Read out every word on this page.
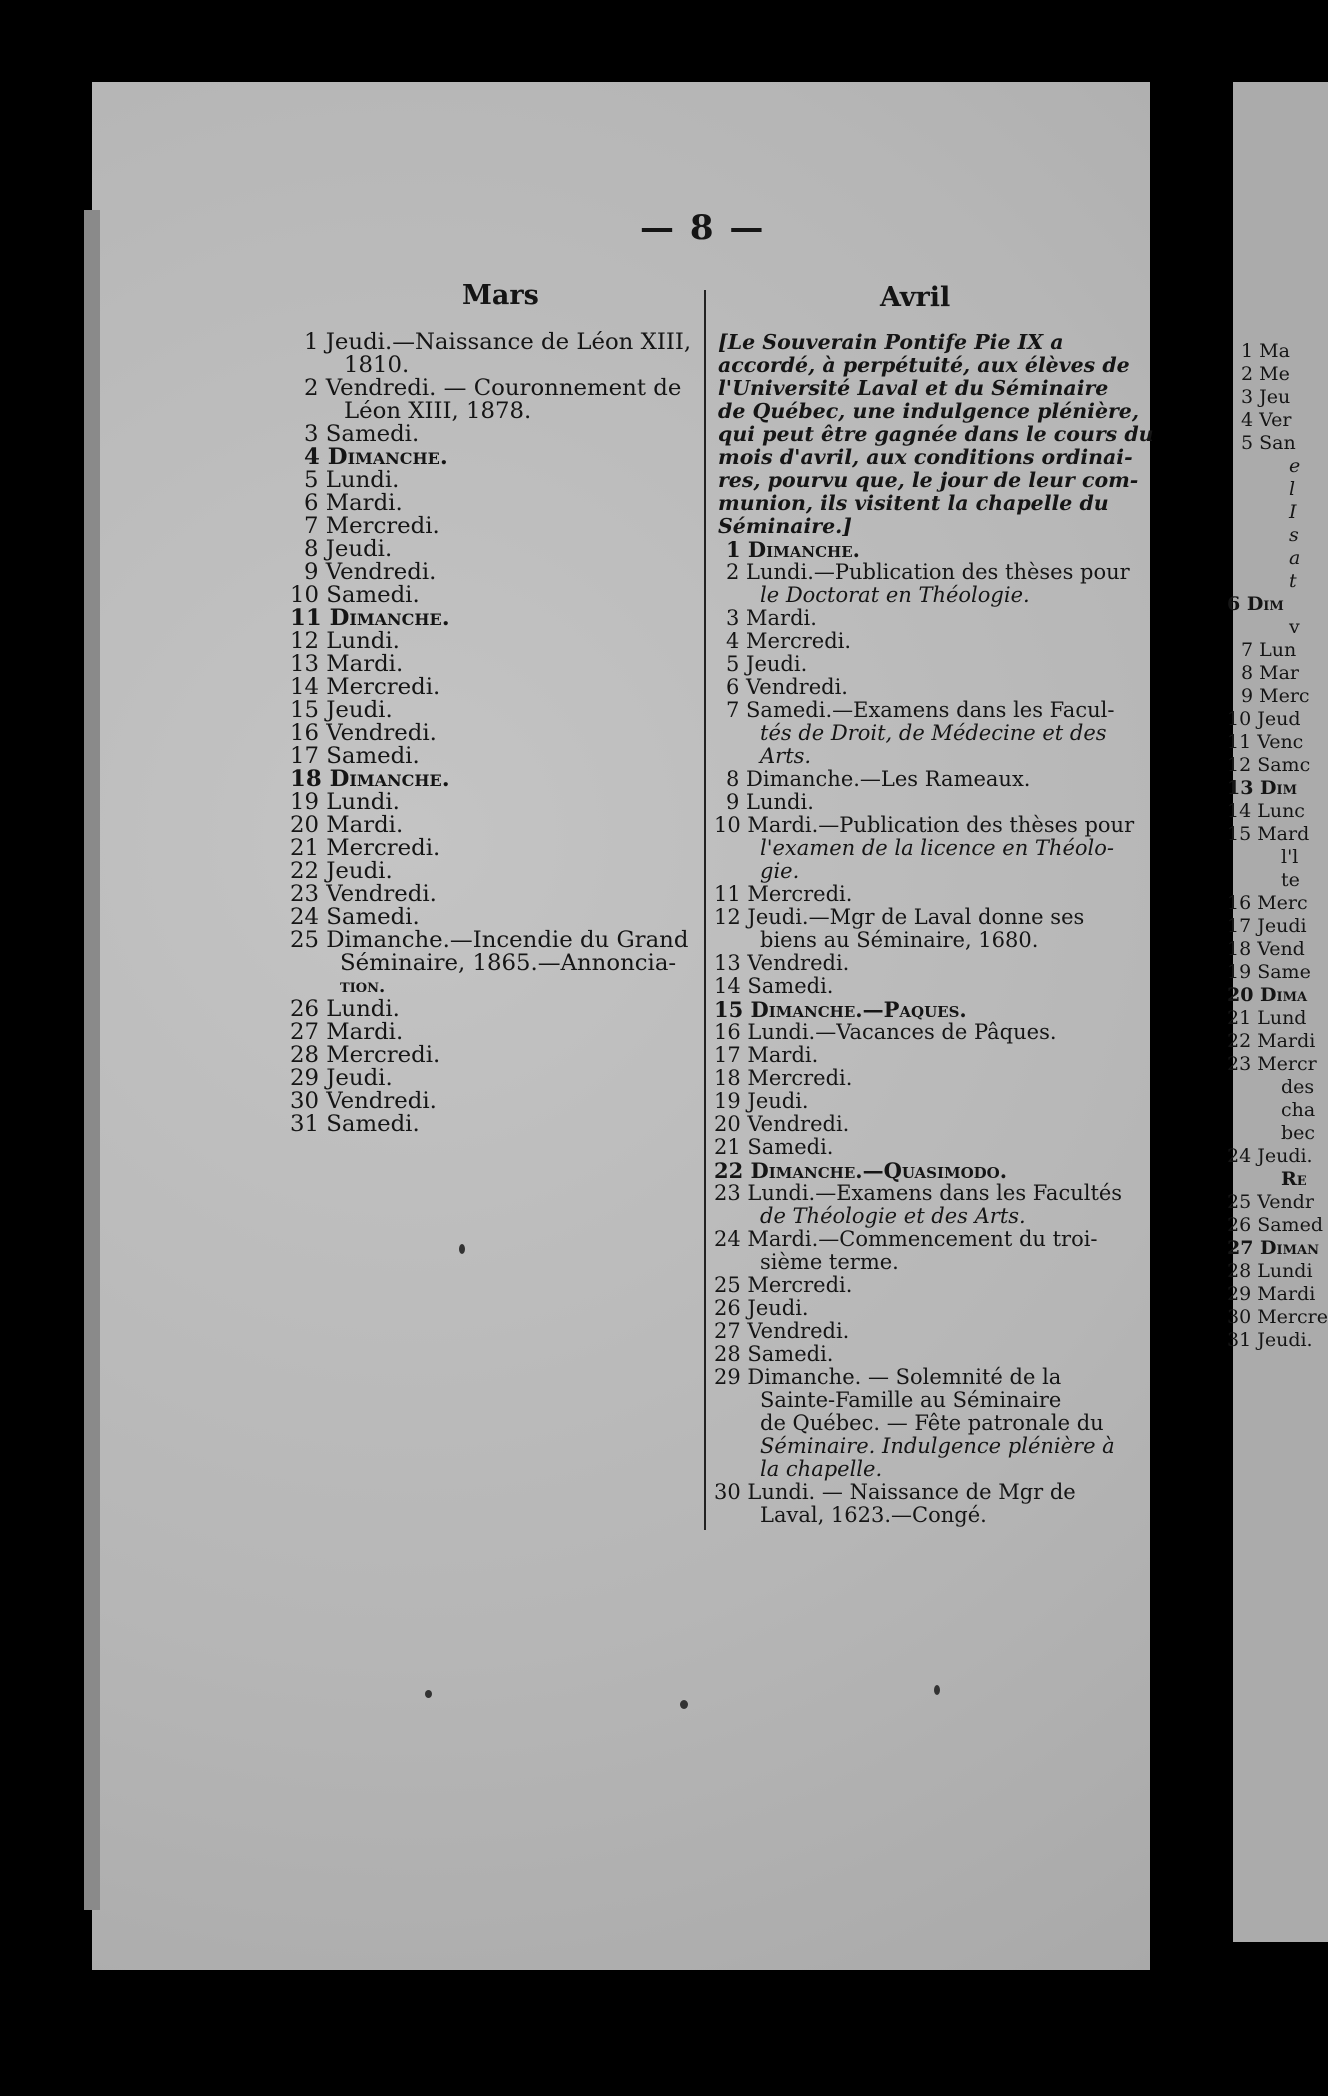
— 8 —
Mars
1 Jeudi.—Naissance de Léon XIII,
1810.
2 Vendredi. — Couronnement de
Léon XIII, 1878.
3 Samedi.
4 Dimanche.
5 Lundi.
6 Mardi.
7 Mercredi.
8 Jeudi.
9 Vendredi.
10 Samedi.
11 Dimanche.
12 Lundi.
13 Mardi.
14 Mercredi.
15 Jeudi.
16 Vendredi.
17 Samedi.
18 Dimanche.
19 Lundi.
20 Mardi.
21 Mercredi.
22 Jeudi.
23 Vendredi.
24 Samedi.
25 Dimanche.—Incendie du Grand
Séminaire, 1865.—Annoncia-
tion.
26 Lundi.
27 Mardi.
28 Mercredi.
29 Jeudi.
30 Vendredi.
31 Samedi.
Avril
[Le Souverain Pontife Pie IX a
accordé, à perpétuité, aux élèves de
l'Université Laval et du Séminaire
de Québec, une indulgence plénière,
qui peut être gagnée dans le cours du
mois d'avril, aux conditions ordinai-
res, pourvu que, le jour de leur com-
munion, ils visitent la chapelle du
Séminaire.]
1 Dimanche.
2 Lundi.—Publication des thèses pour
le Doctorat en Théologie.
3 Mardi.
4 Mercredi.
5 Jeudi.
6 Vendredi.
7 Samedi.—Examens dans les Facul-
tés de Droit, de Médecine et des
Arts.
8 Dimanche.—Les Rameaux.
9 Lundi.
10 Mardi.—Publication des thèses pour
l'examen de la licence en Théolo-
gie.
11 Mercredi.
12 Jeudi.—Mgr de Laval donne ses
biens au Séminaire, 1680.
13 Vendredi.
14 Samedi.
15 Dimanche.—Paques.
16 Lundi.—Vacances de Pâques.
17 Mardi.
18 Mercredi.
19 Jeudi.
20 Vendredi.
21 Samedi.
22 Dimanche.—Quasimodo.
23 Lundi.—Examens dans les Facultés
de Théologie et des Arts.
24 Mardi.—Commencement du troi-
sième terme.
25 Mercredi.
26 Jeudi.
27 Vendredi.
28 Samedi.
29 Dimanche. — Solemnité de la
Sainte-Famille au Séminaire
de Québec. — Fête patronale du
Séminaire. Indulgence plénière à
la chapelle.
30 Lundi. — Naissance de Mgr de
Laval, 1623.—Congé.
1 Ma
2 Me
3 Jeu
4 Ver
5 San
e
l
I
s
a
t
6 Dim
v
7 Lun
8 Mar
9 Merc
10 Jeud
11 Venc
12 Samc
13 Dim
14 Lunc
15 Mard
l'l
te
16 Merc
17 Jeudi
18 Vend
19 Same
20 Dima
21 Lund
22 Mardi
23 Mercr
des
cha
bec
24 Jeudi.
Re
25 Vendr
26 Samed
27 Diman
28 Lundi
29 Mardi
30 Mercre
31 Jeudi.
